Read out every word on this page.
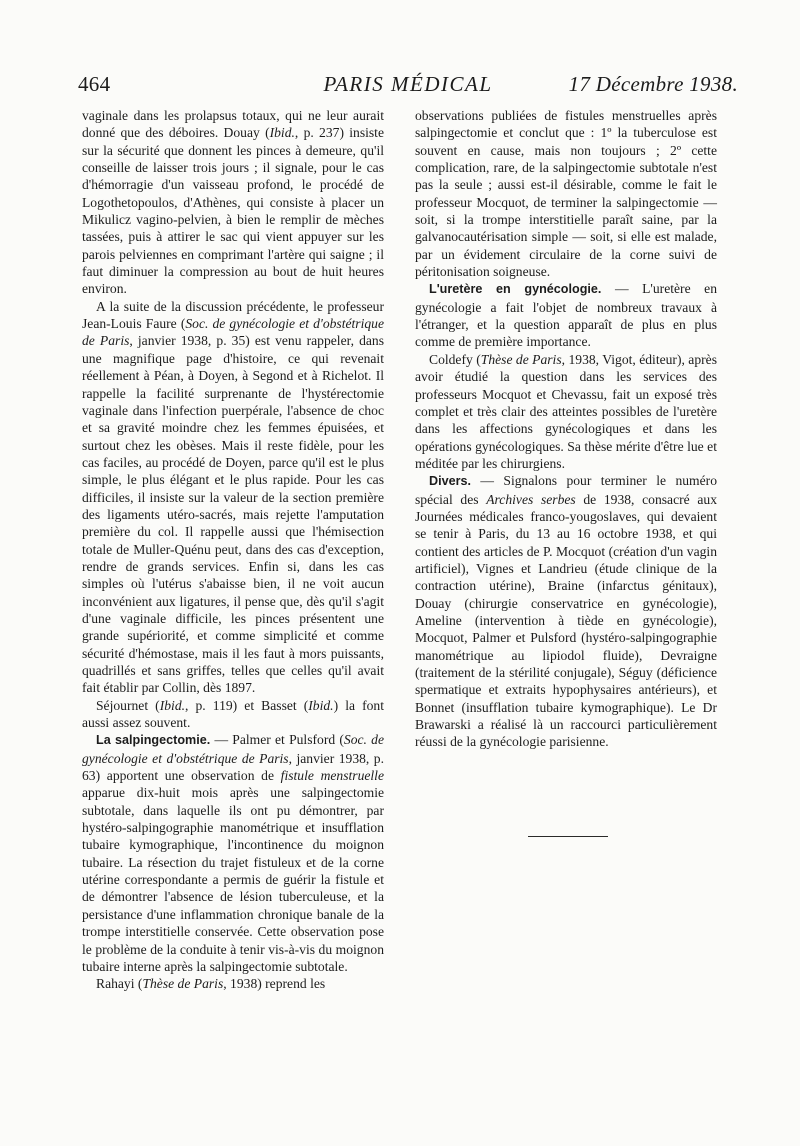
464	PARIS MÉDICAL	17 Décembre 1938.

vaginale dans les prolapsus totaux, qui ne leur aurait donné que des déboires. Douay (Ibid., p. 237) insiste sur la sécurité que donnent les pinces à demeure, qu'il conseille de laisser trois jours ; il signale, pour le cas d'hémorragie d'un vaisseau profond, le procédé de Logothetopoulos, d'Athènes, qui consiste à placer un Mikulicz vagino-pelvien, à bien le remplir de mèches tassées, puis à attirer le sac qui vient appuyer sur les parois pelviennes en comprimant l'artère qui saigne ; il faut diminuer la compression au bout de huit heures environ.

A la suite de la discussion précédente, le professeur Jean-Louis Faure (Soc. de gynécologie et d'obstétrique de Paris, janvier 1938, p. 35) est venu rappeler, dans une magnifique page d'histoire, ce qui revenait réellement à Péan, à Doyen, à Segond et à Richelot. Il rappelle la facilité surprenante de l'hystérectomie vaginale dans l'infection puerpérale, l'absence de choc et sa gravité moindre chez les femmes épuisées, et surtout chez les obèses. Mais il reste fidèle, pour les cas faciles, au procédé de Doyen, parce qu'il est le plus simple, le plus élégant et le plus rapide. Pour les cas difficiles, il insiste sur la valeur de la section première des ligaments utéro-sacrés, mais rejette l'amputation première du col. Il rappelle aussi que l'hémisection totale de Muller-Quénu peut, dans des cas d'exception, rendre de grands services. Enfin si, dans les cas simples où l'utérus s'abaisse bien, il ne voit aucun inconvénient aux ligatures, il pense que, dès qu'il s'agit d'une vaginale difficile, les pinces présentent une grande supériorité, et comme simplicité et comme sécurité d'hémostase, mais il les faut à mors puissants, quadrillés et sans griffes, telles que celles qu'il avait fait établir par Collin, dès 1897.

Séjournet (Ibid., p. 119) et Basset (Ibid.) la font aussi assez souvent.

La salpingectomie. — Palmer et Pulsford (Soc. de gynécologie et d'obstétrique de Paris, janvier 1938, p. 63) apportent une observation de fistule menstruelle apparue dix-huit mois après une salpingectomie subtotale, dans laquelle ils ont pu démontrer, par hystéro-salpingographie manométrique et insufflation tubaire kymographique, l'incontinence du moignon tubaire. La résection du trajet fistuleux et de la corne utérine correspondante a permis de guérir la fistule et de démontrer l'absence de lésion tuberculeuse, et la persistance d'une inflammation chronique banale de la trompe interstitielle conservée. Cette observation pose le problème de la conduite à tenir vis-à-vis du moignon tubaire interne après la salpingectomie subtotale.

Rahayi (Thèse de Paris, 1938) reprend les

observations publiées de fistules menstruelles après salpingectomie et conclut que : 1º la tuberculose est souvent en cause, mais non toujours ; 2º cette complication, rare, de la salpingectomie subtotale n'est pas la seule ; aussi est-il désirable, comme le fait le professeur Mocquot, de terminer la salpingectomie — soit, si la trompe interstitielle paraît saine, par la galvanocautérisation simple — soit, si elle est malade, par un évidement circulaire de la corne suivi de péritonisation soigneuse.

L'uretère en gynécologie. — L'uretère en gynécologie a fait l'objet de nombreux travaux à l'étranger, et la question apparaît de plus en plus comme de première importance.

Coldefy (Thèse de Paris, 1938, Vigot, éditeur), après avoir étudié la question dans les services des professeurs Mocquot et Chevassu, fait un exposé très complet et très clair des atteintes possibles de l'uretère dans les affections gynécologiques et dans les opérations gynécologiques. Sa thèse mérite d'être lue et méditée par les chirurgiens.

Divers. — Signalons pour terminer le numéro spécial des Archives serbes de 1938, consacré aux Journées médicales franco-yougoslaves, qui devaient se tenir à Paris, du 13 au 16 octobre 1938, et qui contient des articles de P. Mocquot (création d'un vagin artificiel), Vignes et Landrieu (étude clinique de la contraction utérine), Braine (infarctus génitaux), Douay (chirurgie conservatrice en gynécologie), Ameline (intervention à tiède en gynécologie), Mocquot, Palmer et Pulsford (hystéro-salpingographie manométrique au lipiodol fluide), Devraigne (traitement de la stérilité conjugale), Séguy (déficience spermatique et extraits hypophysaires antérieurs), et Bonnet (insufflation tubaire kymographique). Le Dr Brawarski a réalisé là un raccourci particulièrement réussi de la gynécologie parisienne.
